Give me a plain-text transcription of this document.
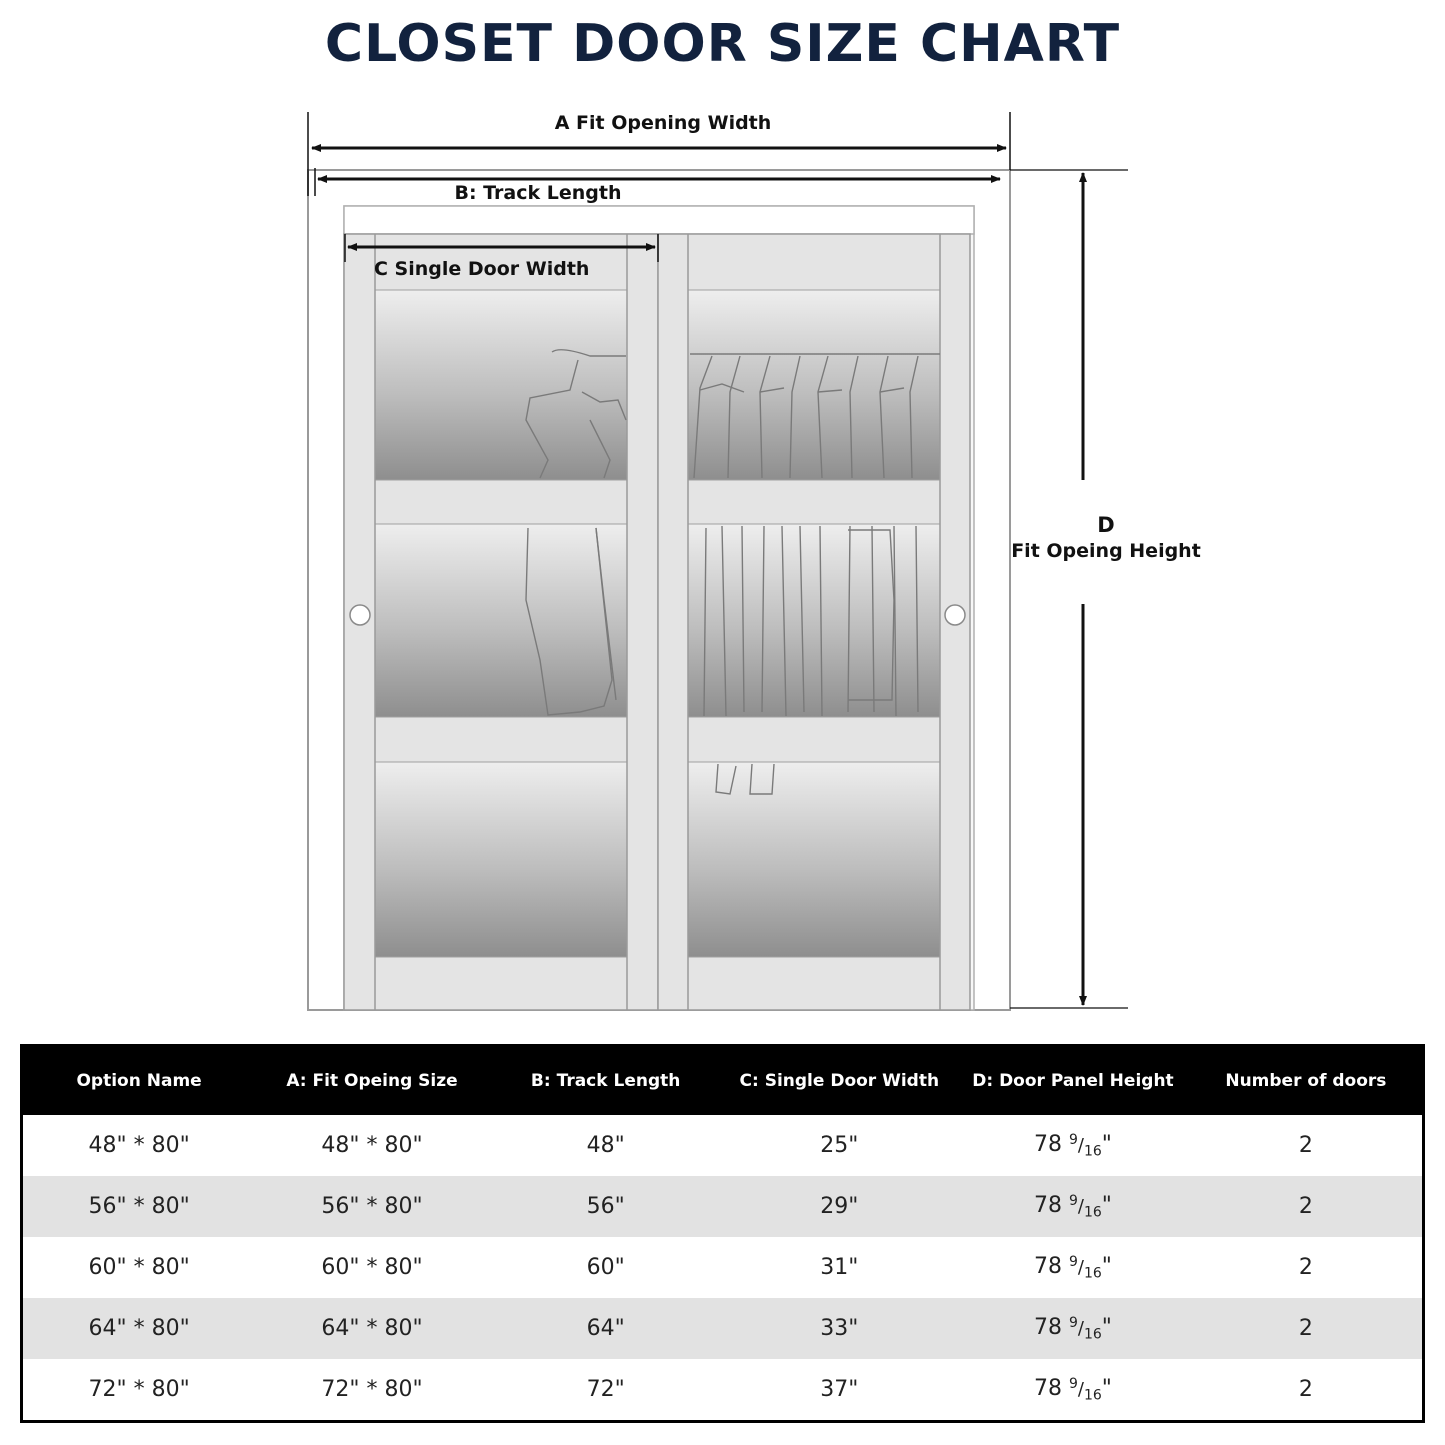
CLOSET DOOR SIZE CHART
A Fit Opening Width
B: Track Length
C Single Door Width
D
Fit Opeing Height
Option Name	A: Fit Opeing Size	B: Track Length	C: Single Door Width	D: Door Panel Height	Number of doors
48" * 80"	48" * 80"	48"	25"	78 $^9/_{16}$"	2
56" * 80"	56" * 80"	56"	29"	78 $^9/_{16}$"	2
60" * 80"	60" * 80"	60"	31"	78 $^9/_{16}$"	2
64" * 80"	64" * 80"	64"	33"	78 $^9/_{16}$"	2
72" * 80"	72" * 80"	72"	37"	78 $^9/_{16}$"	2
